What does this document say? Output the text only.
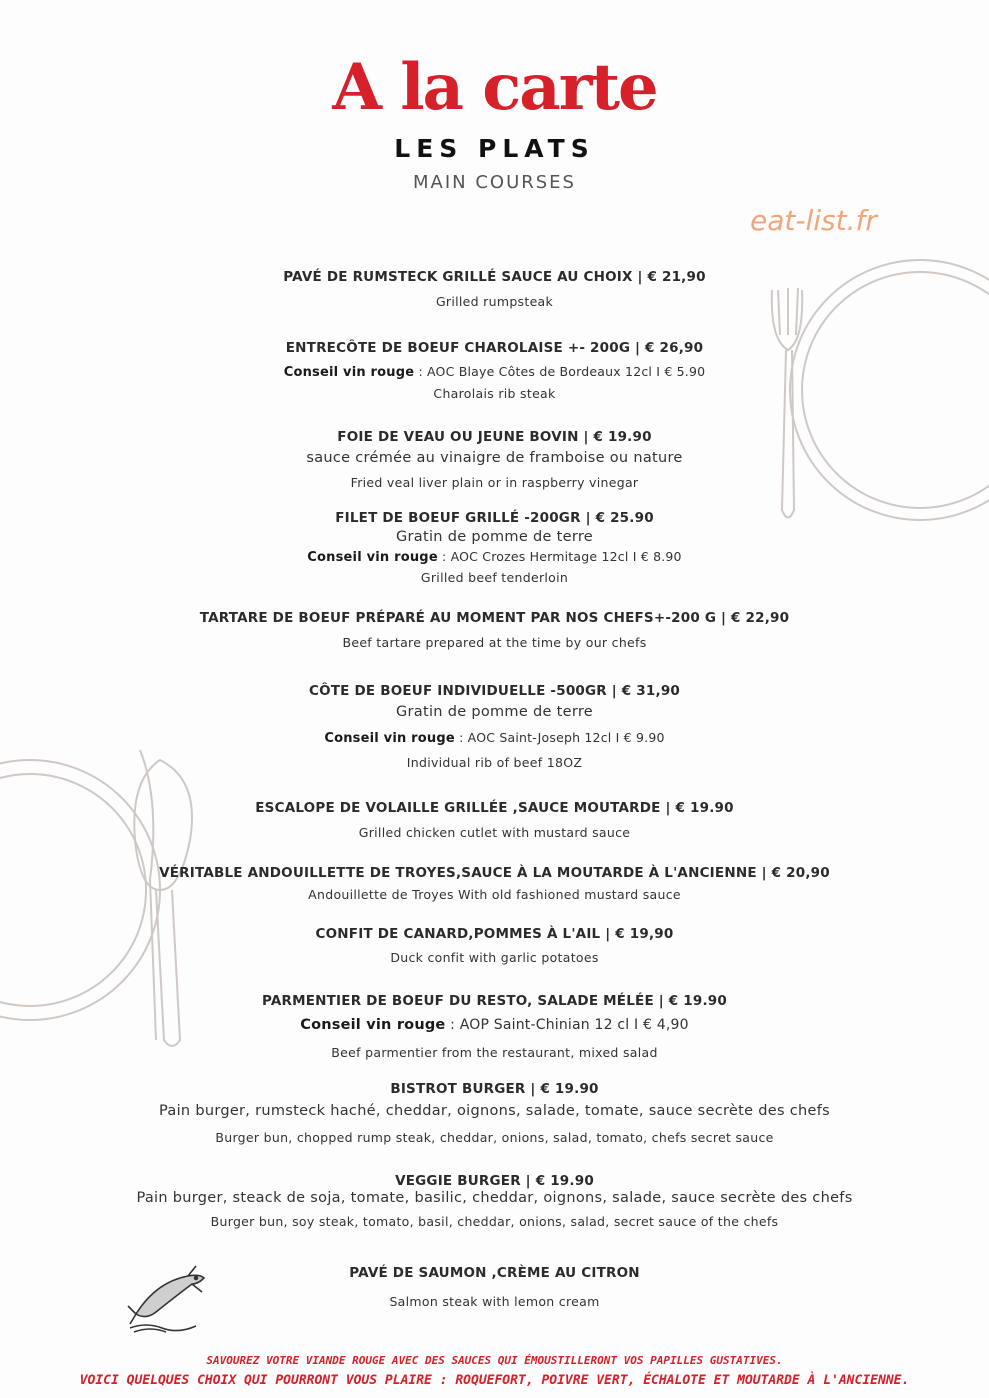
A la carte
LES PLATS
MAIN COURSES
eat-list.fr
PAVÉ DE RUMSTECK GRILLÉ SAUCE AU CHOIX | € 21,90
Grilled rumpsteak
ENTRECÔTE DE BOEUF CHAROLAISE +- 200G | € 26,90
Conseil vin rouge : AOC Blaye Côtes de Bordeaux 12cl I € 5.90
Charolais rib steak
FOIE DE VEAU OU JEUNE BOVIN | € 19.90
sauce crémée au vinaigre de framboise ou nature
Fried veal liver plain or in raspberry vinegar
FILET DE BOEUF GRILLÉ -200GR | € 25.90
Gratin de pomme de terre
Conseil vin rouge : AOC Crozes Hermitage 12cl I € 8.90
Grilled beef tenderloin
TARTARE DE BOEUF PRÉPARÉ AU MOMENT PAR NOS CHEFS+-200 G | € 22,90
Beef tartare prepared at the time by our chefs
CÔTE DE BOEUF INDIVIDUELLE -500GR | € 31,90
Gratin de pomme de terre
Conseil vin rouge : AOC Saint-Joseph 12cl I € 9.90
Individual rib of beef 18OZ
ESCALOPE DE VOLAILLE GRILLÉE ,SAUCE MOUTARDE | € 19.90
Grilled chicken cutlet with mustard sauce
VÉRITABLE ANDOUILLETTE DE TROYES,SAUCE À LA MOUTARDE À L'ANCIENNE | € 20,90
Andouillette de Troyes With old fashioned mustard sauce
CONFIT DE CANARD,POMMES À L'AIL | € 19,90
Duck confit with garlic potatoes
PARMENTIER DE BOEUF DU RESTO, SALADE MÉLÉE | € 19.90
Conseil vin rouge : AOP Saint-Chinian 12 cl I € 4,90
Beef parmentier from the restaurant, mixed salad
BISTROT BURGER | € 19.90
Pain burger, rumsteck haché, cheddar, oignons, salade, tomate, sauce secrète des chefs
Burger bun, chopped rump steak, cheddar, onions, salad, tomato, chefs secret sauce
VEGGIE BURGER | € 19.90
Pain burger, steack de soja, tomate, basilic, cheddar, oignons, salade, sauce secrète des chefs
Burger bun, soy steak, tomato, basil, cheddar, onions, salad, secret sauce of the chefs
PAVÉ DE SAUMON ,CRÈME AU CITRON
Salmon steak with lemon cream
SAVOUREZ VOTRE VIANDE ROUGE AVEC DES SAUCES QUI ÉMOUSTILLERONT VOS PAPILLES GUSTATIVES.
VOICI QUELQUES CHOIX QUI POURRONT VOUS PLAIRE : ROQUEFORT, POIVRE VERT, ÉCHALOTE ET MOUTARDE À L'ANCIENNE.
